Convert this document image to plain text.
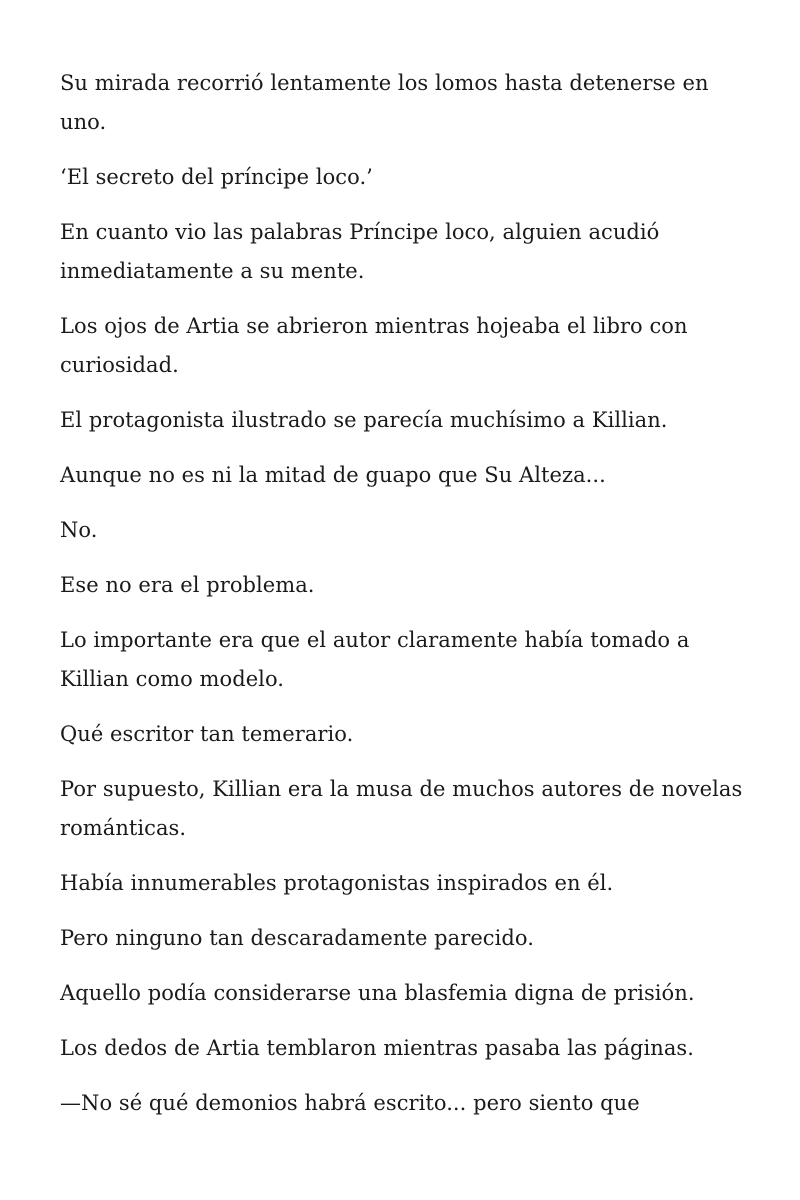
Su mirada recorrió lentamente los lomos hasta detenerse en uno.

‘El secreto del príncipe loco.’

En cuanto vio las palabras Príncipe loco, alguien acudió inmediatamente a su mente.

Los ojos de Artia se abrieron mientras hojeaba el libro con curiosidad.

El protagonista ilustrado se parecía muchísimo a Killian.

Aunque no es ni la mitad de guapo que Su Alteza...

No.

Ese no era el problema.

Lo importante era que el autor claramente había tomado a Killian como modelo.

Qué escritor tan temerario.

Por supuesto, Killian era la musa de muchos autores de novelas románticas.

Había innumerables protagonistas inspirados en él.

Pero ninguno tan descaradamente parecido.

Aquello podía considerarse una blasfemia digna de prisión.

Los dedos de Artia temblaron mientras pasaba las páginas.

—No sé qué demonios habrá escrito... pero siento que
